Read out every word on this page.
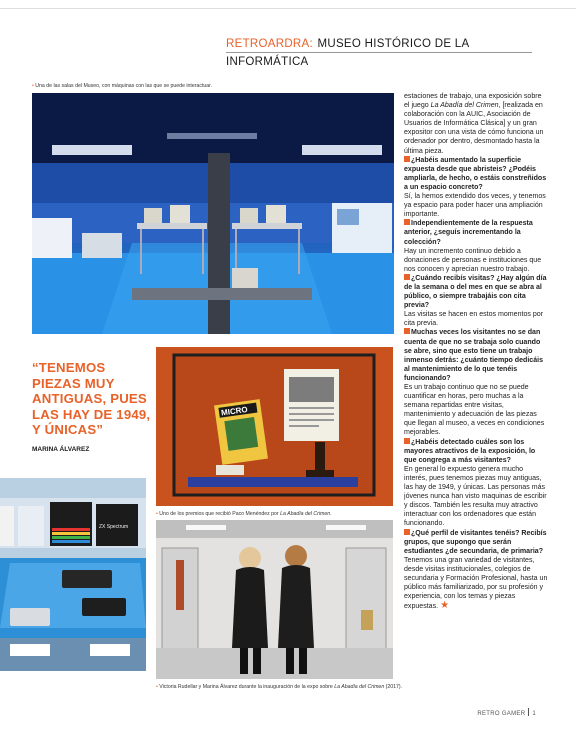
RETROARDRA: MUSEO HISTÓRICO DE LA INFORMÁTICA
• Una de las salas del Museo, con máquinas con las que se puede interactuar.
“TENEMOS PIEZAS MUY ANTIGUAS, PUES LAS HAY DE 1949, Y ÚNICAS”
MARINA ÁLVAREZ
MICRO
• Uno de los premios que recibió Paco Menéndez por La Abadía del Crimen.
ZX Spectrum
• Victoria Rudellar y Marina Álvarez durante la inauguración de la expo sobre La Abadía del Crimen (2017).

estaciones de trabajo, una exposición sobre el juego La Abadía del Crimen, [realizada en colaboración con la AUIC, Asociación de Usuarios de Informática Clásica] y un gran expositor con una vista de cómo funciona un ordenador por dentro, desmontado hasta la última pieza.

¿Habéis aumentado la superficie expuesta desde que abristeis? ¿Podéis ampliarla, de hecho, o estáis constreñidos a un espacio concreto?

Sí, la hemos extendido dos veces, y tenemos ya espacio para poder hacer una ampliación importante.

Independientemente de la respuesta anterior, ¿seguís incrementando la colección?

Hay un incremento continuo debido a donaciones de personas e instituciones que nos conocen y aprecian nuestro trabajo.

¿Cuándo recibís visitas? ¿Hay algún día de la semana o del mes en que se abra al público, o siempre trabajáis con cita previa?

Las visitas se hacen en estos momentos por cita previa.

Muchas veces los visitantes no se dan cuenta de que no se trabaja solo cuando se abre, sino que esto tiene un trabajo inmenso detrás: ¿cuánto tiempo dedicáis al mantenimiento de lo que tenéis funcionando?

Es un trabajo continuo que no se puede cuantificar en horas, pero muchas a la semana repartidas entre visitas, mantenimiento y adecuación de las piezas que llegan al museo, a veces en condiciones mejorables.

¿Habéis detectado cuáles son los mayores atractivos de la exposición, lo que congrega a más visitantes?

En general lo expuesto genera mucho interés, pues tenemos piezas muy antiguas, las hay de 1949, y únicas. Las personas más jóvenes nunca han visto maquinas de escribir y discos. También les resulta muy atractivo interactuar con los ordenadores que están funcionando.

¿Qué perfil de visitantes tenéis? Recibís grupos, que supongo que serán estudiantes ¿de secundaria, de primaria?

Tenemos una gran variedad de visitantes, desde visitas institucionales, colegios de secundaria y Formación Profesional, hasta un público más familiarizado, por su profesión y experiencia, con los temas y piezas expuestas. ★

RETRO GAMER 1
